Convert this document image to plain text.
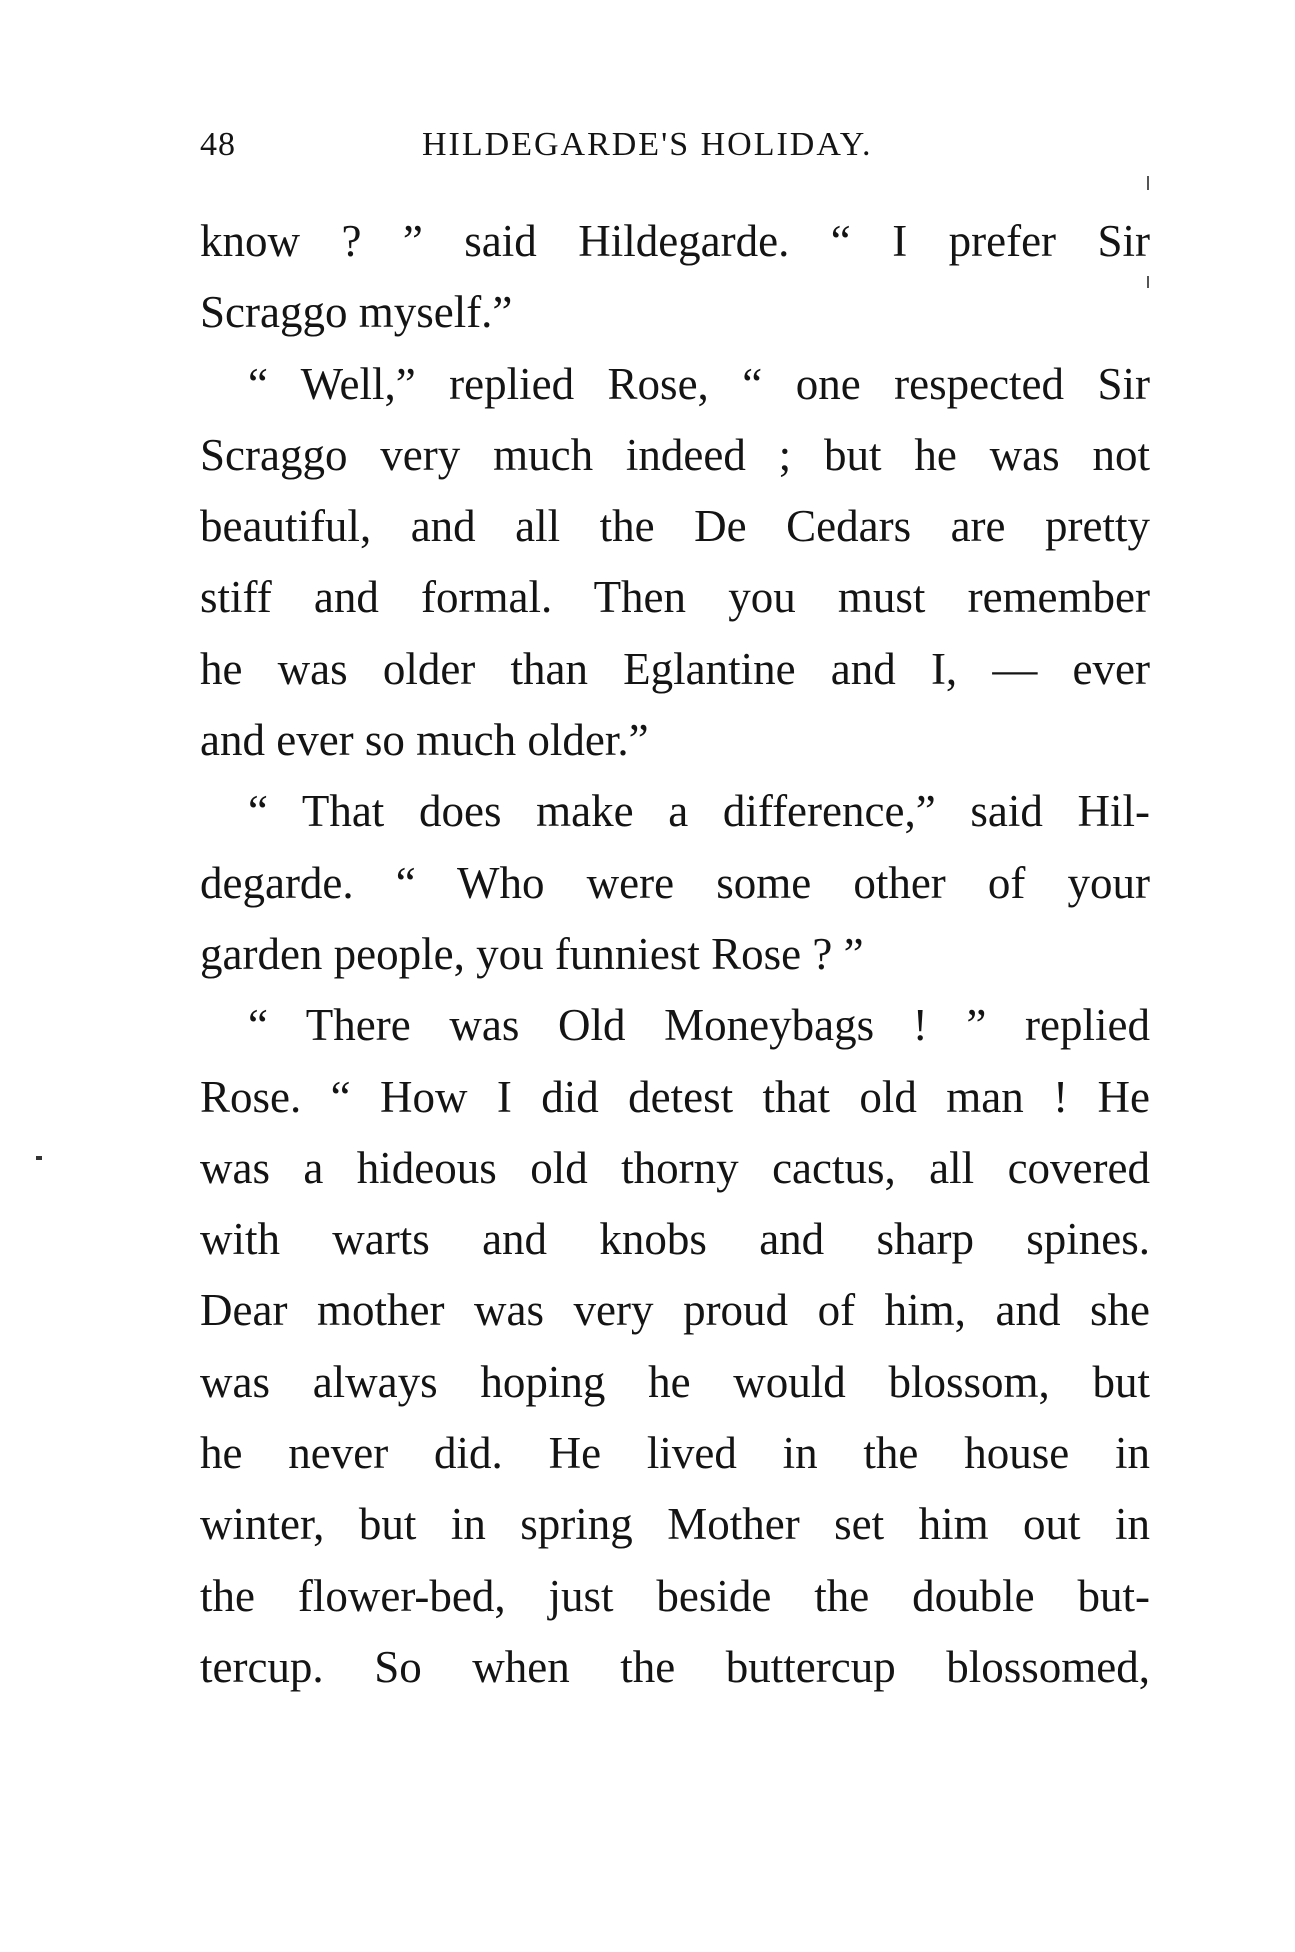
48	HILDEGARDE'S HOLIDAY.
know ? ” said Hildegarde. “ I prefer Sir
Scraggo myself.”
“ Well,” replied Rose, “ one respected Sir
Scraggo very much indeed ; but he was not
beautiful, and all the De Cedars are pretty
stiff and formal. Then you must remember
he was older than Eglantine and I, — ever
and ever so much older.”
“ That does make a difference,” said Hil-
degarde. “ Who were some other of your
garden people, you funniest Rose ? ”
“ There was Old Moneybags ! ” replied
Rose. “ How I did detest that old man ! He
was a hideous old thorny cactus, all covered
with warts and knobs and sharp spines.
Dear mother was very proud of him, and she
was always hoping he would blossom, but
he never did. He lived in the house in
winter, but in spring Mother set him out in
the flower-bed, just beside the double but-
tercup. So when the buttercup blossomed,
